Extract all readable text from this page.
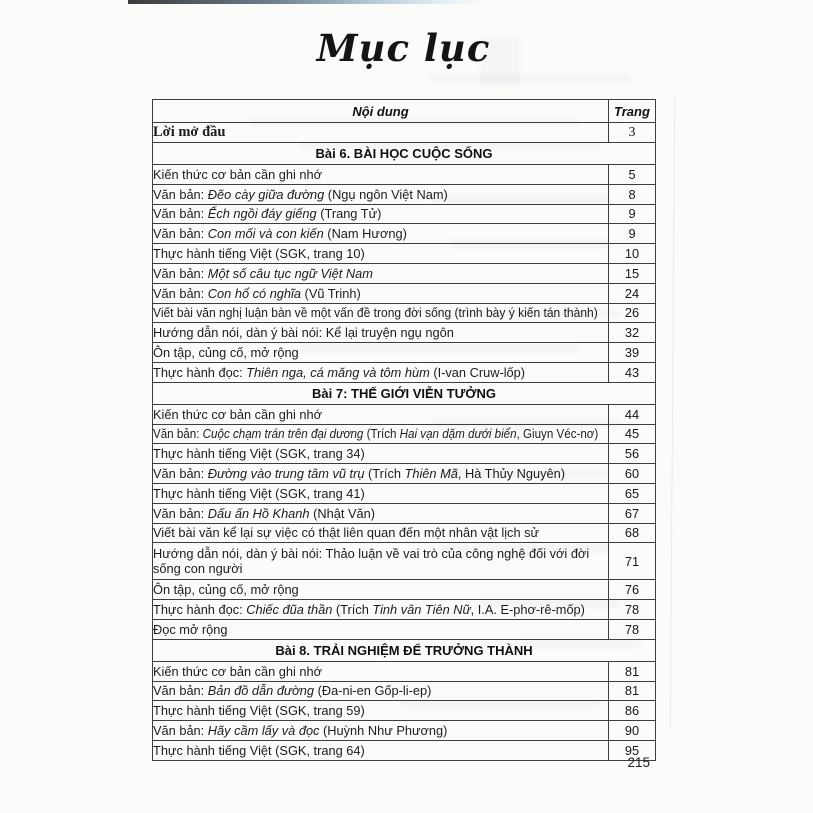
Mục lục
Nội dung	Trang
Lời mở đầu	3
Bài 6. BÀI HỌC CUỘC SỐNG	
Kiến thức cơ bản cần ghi nhớ	5
Văn bản: Đẽo cày giữa đường (Ngụ ngôn Việt Nam)	8
Văn bản: Ếch ngồi đáy giếng (Trang Tử)	9
Văn bản: Con mối và con kiến (Nam Hương)	9
Thực hành tiếng Việt (SGK, trang 10)	10
Văn bản: Một số câu tục ngữ Việt Nam	15
Văn bản: Con hổ có nghĩa (Vũ Trinh)	24
Viết bài văn nghị luận bàn về một vấn đề trong đời sống (trình bày ý kiến tán thành)	26
Hướng dẫn nói, dàn ý bài nói: Kể lại truyện ngụ ngôn	32
Ôn tập, củng cố, mở rộng	39
Thực hành đọc: Thiên nga, cá măng và tôm hùm (I-van Cruw-lốp)	43
Bài 7: THẾ GIỚI VIỄN TƯỞNG	
Kiến thức cơ bản cần ghi nhớ	44
Văn bản: Cuộc chạm trán trên đại dương (Trích Hai vạn dặm dưới biển, Giuyn Véc-nơ)	45
Thực hành tiếng Việt (SGK, trang 34)	56
Văn bản: Đường vào trung tâm vũ trụ (Trích Thiên Mã, Hà Thủy Nguyên)	60
Thực hành tiếng Việt (SGK, trang 41)	65
Văn bản: Dấu ấn Hồ Khanh (Nhật Văn)	67
Viết bài văn kể lại sự việc có thật liên quan đến một nhân vật lịch sử	68
Hướng dẫn nói, dàn ý bài nói: Thảo luận về vai trò của công nghệ đối với đời sống con người	71
Ôn tập, củng cố, mở rộng	76
Thực hành đọc: Chiếc đũa thần (Trích Tinh vân Tiên Nữ, I.A. E-phơ-rê-mốp)	78
Đọc mở rộng	78
Bài 8. TRẢI NGHIỆM ĐỂ TRƯỞNG THÀNH	
Kiến thức cơ bản cần ghi nhớ	81
Văn bản: Bản đồ dẫn đường (Đa-ni-en Gốp-li-ep)	81
Thực hành tiếng Việt (SGK, trang 59)	86
Văn bản: Hãy cầm lấy và đọc (Huỳnh Như Phương)	90
Thực hành tiếng Việt (SGK, trang 64)	95
215
